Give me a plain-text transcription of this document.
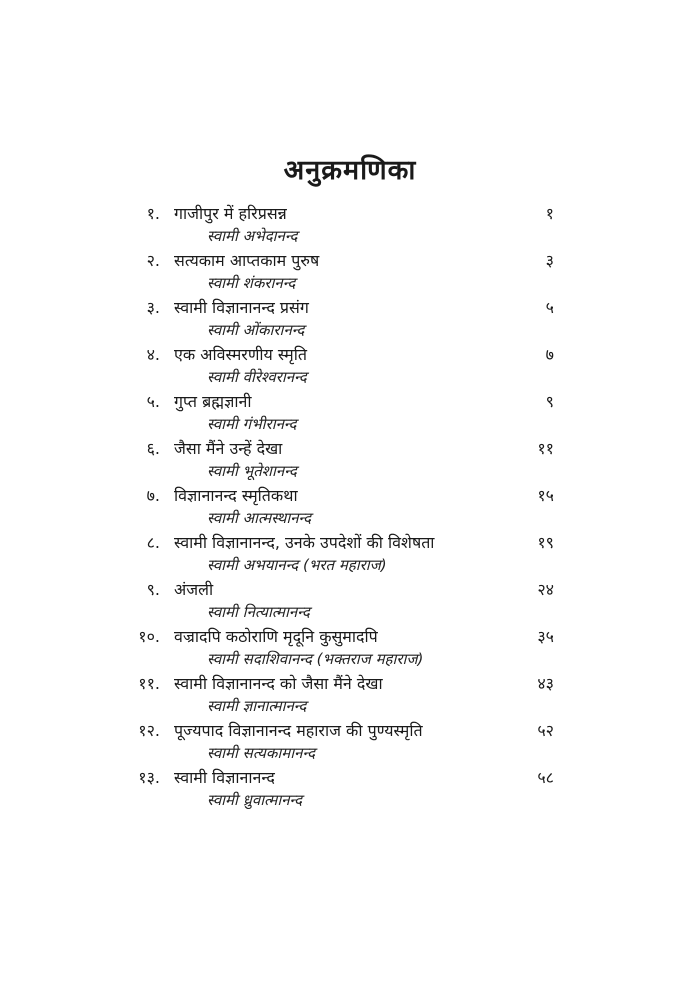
अनुक्रमणिका
१. गाजीपुर में हरिप्रसन्न	१
स्वामी अभेदानन्द
२. सत्यकाम आप्तकाम पुरुष	३
स्वामी शंकरानन्द
३. स्वामी विज्ञानानन्द प्रसंग	५
स्वामी ओंकारानन्द
४. एक अविस्मरणीय स्मृति	७
स्वामी वीरेश्वरानन्द
५. गुप्त ब्रह्मज्ञानी	९
स्वामी गंभीरानन्द
६. जैसा मैंने उन्हें देखा	११
स्वामी भूतेशानन्द
७. विज्ञानानन्द स्मृतिकथा	१५
स्वामी आत्मस्थानन्द
८. स्वामी विज्ञानानन्द, उनके उपदेशों की विशेषता	१९
स्वामी अभयानन्द (भरत महाराज)
९. अंजली	२४
स्वामी नित्यात्मानन्द
१०. वज्रादपि कठोराणि मृदूनि कुसुमादपि	३५
स्वामी सदाशिवानन्द (भक्तराज महाराज)
११. स्वामी विज्ञानानन्द को जैसा मैंने देखा	४३
स्वामी ज्ञानात्मानन्द
१२. पूज्यपाद विज्ञानानन्द महाराज की पुण्यस्मृति	५२
स्वामी सत्यकामानन्द
१३. स्वामी विज्ञानानन्द	५८
स्वामी ध्रुवात्मानन्द
